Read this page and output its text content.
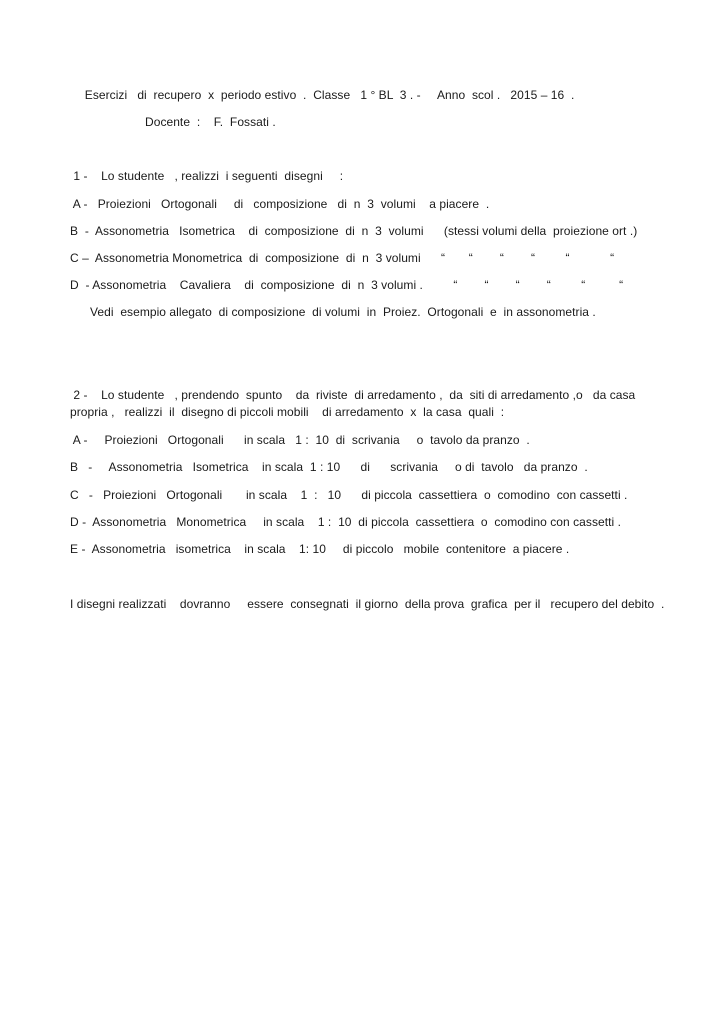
Esercizi   di  recupero  x  periodo estivo  .  Classe   1 ° BL  3 . -     Anno  scol .   2015 – 16  .
Docente  :    F.  Fossati .
1 -    Lo studente   , realizzi  i seguenti  disegni     :
A -   Proiezioni   Ortogonali     di   composizione   di  n  3  volumi    a piacere  .
B  -  Assonometria   Isometrica    di  composizione  di  n  3  volumi      (stessi volumi della  proiezione ort .)
C –  Assonometria Monometrica  di  composizione  di  n  3 volumi      “       “        “        “         “            “
D  - Assonometria    Cavaliera    di  composizione  di  n  3 volumi .         “        “        “        “         “          “
Vedi  esempio allegato  di composizione  di volumi  in  Proiez.  Ortogonali  e  in assonometria .
2 -    Lo studente   , prendendo  spunto    da  riviste  di arredamento ,  da  siti di arredamento ,o   da casa
propria ,   realizzi  il  disegno di piccoli mobili    di arredamento  x  la casa  quali  :
A -     Proiezioni   Ortogonali      in scala   1 :  10  di  scrivania     o  tavolo da pranzo  .
B   -     Assonometria   Isometrica    in scala  1 : 10      di      scrivania     o di  tavolo   da pranzo  .
C   -   Proiezioni   Ortogonali       in scala    1  :   10      di piccola  cassettiera  o  comodino  con cassetti .
D -  Assonometria   Monometrica     in scala    1 :  10  di piccola  cassettiera  o  comodino con cassetti .
E -  Assonometria   isometrica    in scala    1: 10     di piccolo   mobile  contenitore  a piacere .
I disegni realizzati    dovranno     essere  consegnati  il giorno  della prova  grafica  per il   recupero del debito  .
